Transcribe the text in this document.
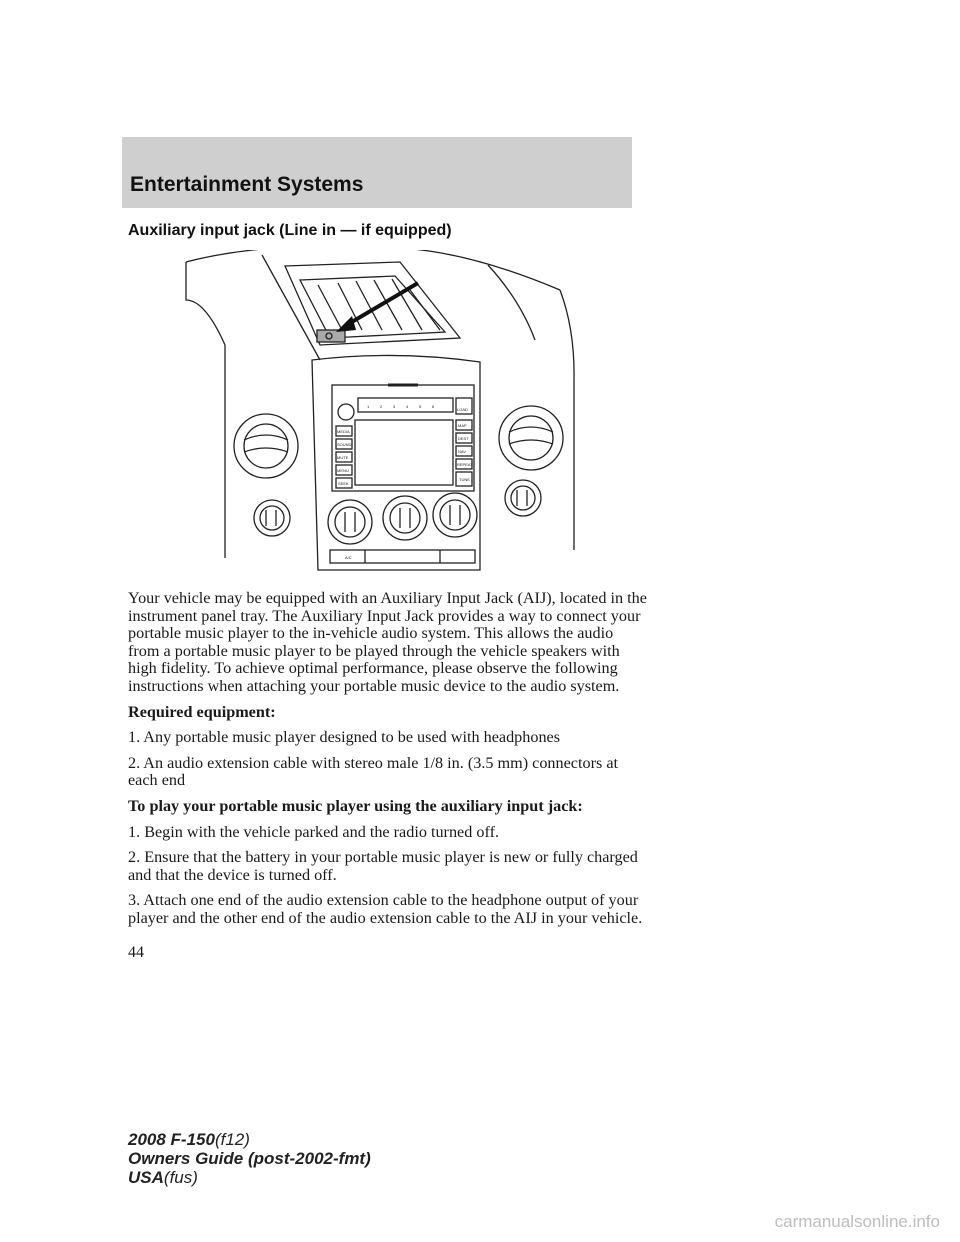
Entertainment Systems
Auxiliary input jack (Line in — if equipped)
1	2	3	4	5	6
LOAD
MEDIA
SOUND
MUTE
MENU
SEEK
MAP
DEST
NAV
REPEAT
TUNE
A/C

Your vehicle may be equipped with an Auxiliary Input Jack (AIJ), located in the instrument panel tray. The Auxiliary Input Jack provides a way to connect your portable music player to the in-vehicle audio system. This allows the audio from a portable music player to be played through the vehicle speakers with high fidelity. To achieve optimal performance, please observe the following instructions when attaching your portable music device to the audio system.

Required equipment:

1. Any portable music player designed to be used with headphones

2. An audio extension cable with stereo male 1/8 in. (3.5 mm) connectors at each end

To play your portable music player using the auxiliary input jack:

1. Begin with the vehicle parked and the radio turned off.

2. Ensure that the battery in your portable music player is new or fully charged and that the device is turned off.

3. Attach one end of the audio extension cable to the headphone output of your player and the other end of the audio extension cable to the AIJ in your vehicle.

44
2008 F-150(f12)
Owners Guide (post-2002-fmt)
USA(fus)
carmanualsonline.info
